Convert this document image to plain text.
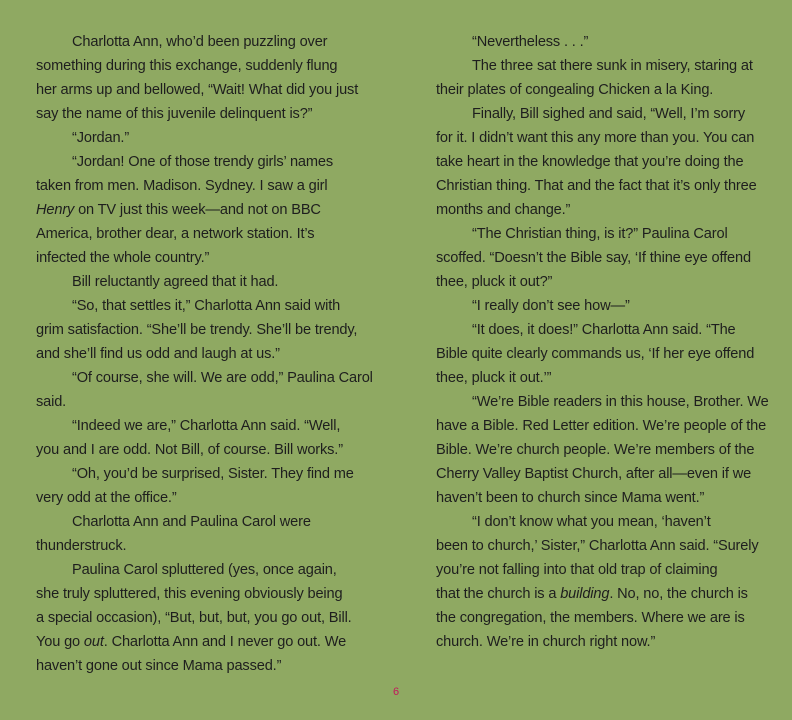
Charlotta Ann, who’d been puzzling over
something during this exchange, suddenly flung
her arms up and bellowed, “Wait! What did you just
say the name of this juvenile delinquent is?”
“Jordan.”
“Jordan! One of those trendy girls’ names
taken from men. Madison. Sydney. I saw a girl
Henry on TV just this week—and not on BBC
America, brother dear, a network station. It’s
infected the whole country.”
Bill reluctantly agreed that it had.
“So, that settles it,” Charlotta Ann said with
grim satisfaction. “She’ll be trendy. She’ll be trendy,
and she’ll find us odd and laugh at us.”
“Of course, she will. We are odd,” Paulina Carol
said.
“Indeed we are,” Charlotta Ann said. “Well,
you and I are odd. Not Bill, of course. Bill works.”
“Oh, you’d be surprised, Sister. They find me
very odd at the office.”
Charlotta Ann and Paulina Carol were
thunderstruck.
Paulina Carol spluttered (yes, once again,
she truly spluttered, this evening obviously being
a special occasion), “But, but, but, you go out, Bill.
You go out. Charlotta Ann and I never go out. We
haven’t gone out since Mama passed.”
“Nevertheless . . .”
The three sat there sunk in misery, staring at
their plates of congealing Chicken a la King.
Finally, Bill sighed and said, “Well, I’m sorry
for it. I didn’t want this any more than you. You can
take heart in the knowledge that you’re doing the
Christian thing. That and the fact that it’s only three
months and change.”
“The Christian thing, is it?” Paulina Carol
scoffed. “Doesn’t the Bible say, ‘If thine eye offend
thee, pluck it out?”
“I really don’t see how—”
“It does, it does!” Charlotta Ann said. “The
Bible quite clearly commands us, ‘If her eye offend
thee, pluck it out.’”
“We’re Bible readers in this house, Brother. We
have a Bible. Red Letter edition. We’re people of the
Bible. We’re church people. We’re members of the
Cherry Valley Baptist Church, after all—even if we
haven’t been to church since Mama went.”
“I don’t know what you mean, ‘haven’t
been to church,’ Sister,” Charlotta Ann said. “Surely
you’re not falling into that old trap of claiming
that the church is a building. No, no, the church is
the congregation, the members. Where we are is
church. We’re in church right now.”
6
